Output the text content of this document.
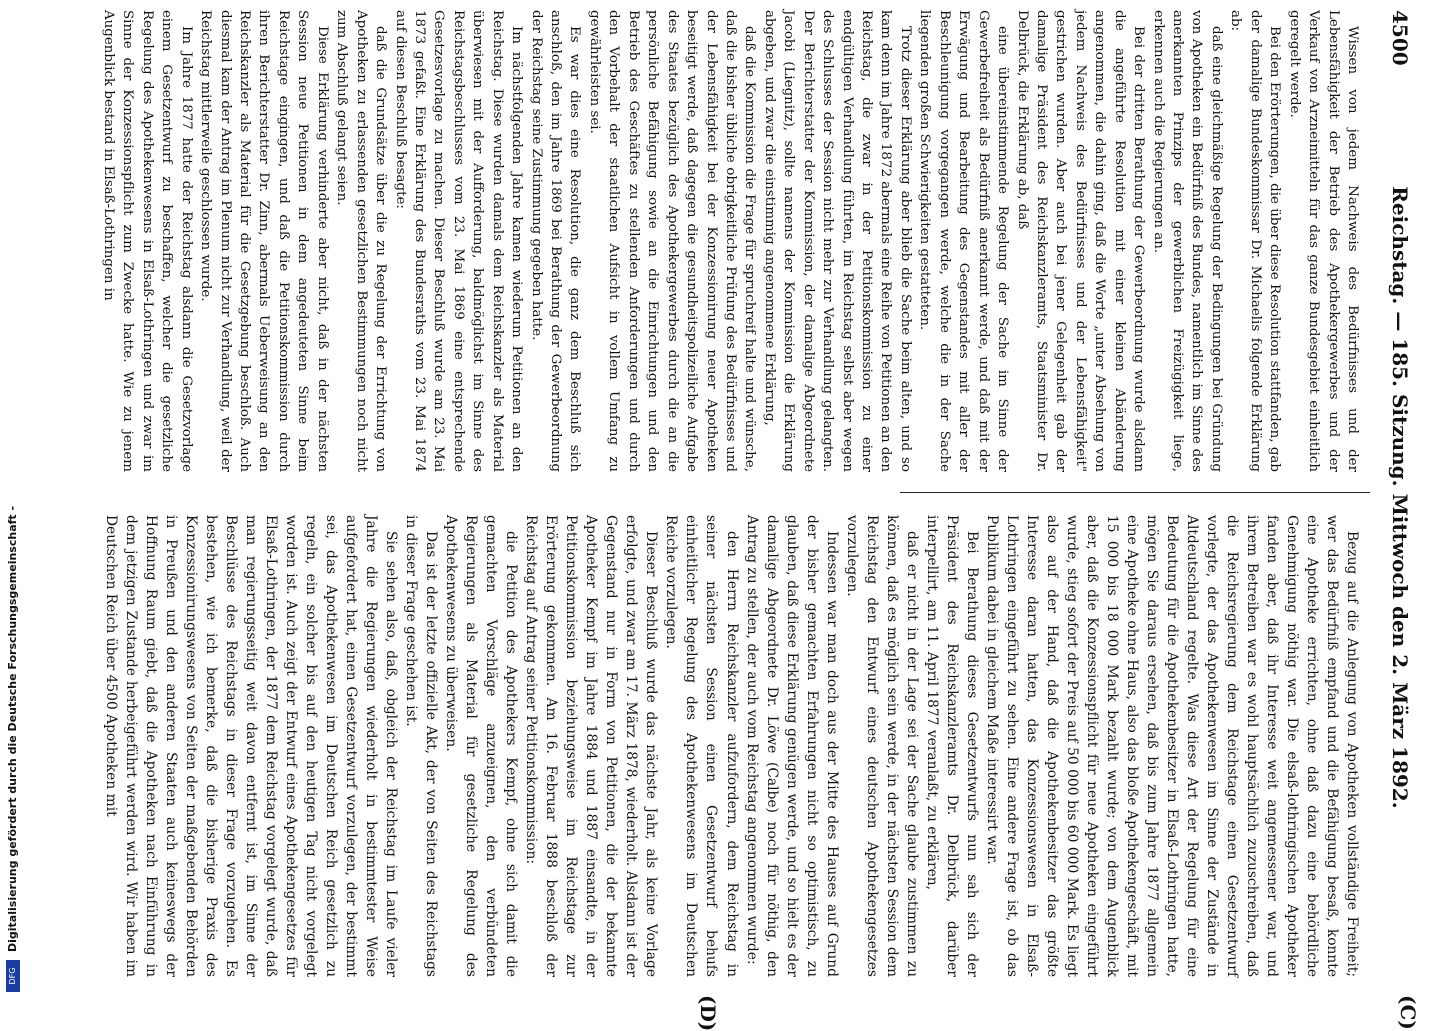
4500
Reichstag. — 185. Sitzung. Mittwoch den 2. März 1892.
(C)
(D)

Wissen von jedem Nachweis des Bedürfnisses und der Lebensfähigkeit der Betrieb des Apothekergewerbes und der Verkauf von Arzneimitteln für das ganze Bundesgebiet einheitlich geregelt werde.

Bei den Erörterungen, die über diese Resolution stattfanden, gab der damalige Bundeskommissar Dr. Michaelis folgende Erklärung ab:

daß eine gleichmäßige Regelung der Bedingungen bei Gründung von Apotheken ein Bedürfniß des Bundes, namentlich im Sinne des anerkannten Prinzips der gewerblichen Freizügigkeit liege, erkennen auch die Regierungen an.

Bei der dritten Berathung der Gewerbeordnung wurde alsdann die angeführte Resolution mit einer kleinen Abänderung angenommen, die dahin ging, daß die Worte „unter Absehung von jedem Nachweis des Bedürfnisses und der Lebensfähigkeit" gestrichen wurden. Aber auch bei jener Gelegenheit gab der damalige Präsident des Reichskanzleramts, Staatsminister Dr. Delbrück, die Erklärung ab, daß

eine übereinstimmende Regelung der Sache im Sinne der Gewerbefreiheit als Bedürfniß anerkannt werde, und daß mit der Erwägung und Bearbeitung des Gegenstandes mit aller der Beschleunigung vorgegangen werde, welche die in der Sache liegenden großen Schwierigkeiten gestatteten.

Trotz dieser Erklärung aber blieb die Sache beim alten, und so kam denn im Jahre 1872 abermals eine Reihe von Petitionen an den Reichstag, die zwar in der Petitionskommission zu einer endgültigen Verhandlung führten, im Reichstag selbst aber wegen des Schlusses der Session nicht mehr zur Verhandlung gelangten. Der Berichterstatter der Kommission, der damalige Abgeordnete Jacobi (Liegnitz), sollte namens der Kommission die Erklärung abgeben, und zwar die einstimmig angenommene Erklärung,

daß die Kommission die Frage für spruchreif halte und wünsche, daß die bisher übliche obrigkeitliche Prüfung des Bedürfnisses und der Lebensfähigkeit bei der Konzessionirung neuer Apotheken beseitigt werde, daß dagegen die gesundheitspolizeiliche Aufgabe des Staates bezüglich des Apothekergewerbes durch die an die persönliche Befähigung sowie an die Einrichtungen und den Betrieb des Geschäftes zu stellenden Anforderungen und durch den Vorbehalt der staatlichen Aufsicht in vollem Umfang zu gewährleisten sei.

Es war dies eine Resolution, die ganz dem Beschluß sich anschloß, den im Jahre 1869 bei Berathung der Gewerbeordnung der Reichstag seine Zustimmung gegeben hatte.

Im nächstfolgenden Jahre kamen wiederum Petitionen an den Reichstag. Diese wurden damals dem Reichskanzler als Material überwiesen mit der Aufforderung, baldmöglichst im Sinne des Reichstagsbeschlusses vom 23. Mai 1869 eine entsprechende Gesetzesvorlage zu machen. Dieser Beschluß wurde am 23. Mai 1873 gefaßt. Eine Erklärung des Bundesraths vom 23. Mai 1874 auf diesen Beschluß besagte:

daß die Grundsätze über die zu Regelung der Errichtung von Apotheken zu erlassenden gesetzlichen Bestimmungen noch nicht zum Abschluß gelangt seien.

Diese Erklärung verhinderte aber nicht, daß in der nächsten Session neue Petitionen in dem angedeuteten Sinne beim Reichstage eingingen, und daß die Petitionskommission durch ihren Berichterstatter Dr. Zinn, abermals Ueberweisung an den Reichskanzler als Material für die Gesetzgebung beschloß. Auch diesmal kam der Antrag im Plenum nicht zur Verhandlung, weil der Reichstag mittlerweile geschlossen wurde.

Im Jahre 1877 hatte der Reichstag alsdann die Gesetzvorlage einem Gesetzentwurf zu beschaffen, welcher die gesetzliche Regelung des Apothekenwesens in Elsaß-Lothringen und zwar im Sinne der Konzessionspflicht zum Zwecke hatte. Wie zu jenem Augenblick bestand in Elsaß-Lothringen in

Bezug auf die Anlegung von Apotheken vollständige Freiheit; wer das Bedürfniß empfand und die Befähigung besaß, konnte eine Apotheke errichten, ohne daß dazu eine behördliche Genehmigung nöthig war. Die elsaß-lothringischen Apotheker fanden aber, daß ihr Interesse weit angemessener war, und ihrem Betreiben war es wohl hauptsächlich zuzuschreiben, daß die Reichsregierung dem Reichstage einen Gesetzentwurf vorlegte, der das Apothekenwesen im Sinne der Zustände in Altdeutschland regelte. Was diese Art der Regelung für eine Bedeutung für die Apothekenbesitzer in Elsaß-Lothringen hatte, mögen Sie daraus ersehen, daß bis zum Jahre 1877 allgemein eine Apotheke ohne Haus, also das bloße Apothekengeschäft, mit 15 000 bis 18 000 Mark bezahlt wurde; von dem Augenblick aber, daß die Konzessionspflicht für neue Apotheken eingeführt wurde, stieg sofort der Preis auf 50 000 bis 60 000 Mark. Es liegt also auf der Hand, daß die Apothekenbesitzer das größte Interesse daran hatten, das Konzessionswesen in Elsaß-Lothringen eingeführt zu sehen. Eine andere Frage ist, ob das Publikum dabei in gleichem Maße interessirt war.

Bei Berathung dieses Gesetzentwurfs nun sah sich der Präsident des Reichskanzleramts Dr. Delbrück, darüber interpellirt, am 11. April 1877 veranlaßt, zu erklären,

daß er nicht in der Lage sei der Sache glaube zustimmen zu können, daß es möglich sein werde, in der nächsten Session dem Reichstag den Entwurf eines deutschen Apothekengesetzes vorzulegen.

Indessen war man doch aus der Mitte des Hauses auf Grund der bisher gemachten Erfahrungen nicht so optimistisch, zu glauben, daß diese Erklärung genügen werde, und so hielt es der damalige Abgeordnete Dr. Löwe (Calbe) noch für nöthig, den Antrag zu stellen, der auch vom Reichstag angenommen wurde:

den Herrn Reichskanzler aufzufordern, dem Reichstag in seiner nächsten Session einen Gesetzentwurf behufs einheitlicher Regelung des Apothekenwesens im Deutschen Reiche vorzulegen.

Dieser Beschluß wurde das nächste Jahr, als keine Vorlage erfolgte, und zwar am 17. März 1878, wiederholt. Alsdann ist der Gegenstand nur in Form von Petitionen, die der bekannte Apotheker Kempf im Jahre 1884 und 1887 einsandte, in der Petitionskommission beziehungsweise im Reichstage zur Erörterung gekommen. Am 16. Februar 1888 beschloß der Reichstag auf Antrag seiner Petitionskommission:

die Petition des Apothekers Kempf, ohne sich damit die gemachten Vorschläge anzueignen, den verbündeten Regierungen als Material für gesetzliche Regelung des Apothekenwesens zu überweisen.

Das ist der letzte offizielle Akt, der von Seiten des Reichstags in dieser Frage geschehen ist.

Sie sehen also, daß, obgleich der Reichstag im Laufe vieler Jahre die Regierungen wiederholt in bestimmtester Weise aufgefordert hat, einen Gesetzentwurf vorzulegen, der bestimmt sei, das Apothekenwesen im Deutschen Reich gesetzlich zu regeln, ein solcher bis auf den heutigen Tag nicht vorgelegt worden ist. Auch zeigt der Entwurf eines Apothekengesetzes für Elsaß-Lothringen, der 1877 dem Reichstag vorgelegt wurde, daß man regierungsseitig weit davon entfernt ist, im Sinne der Beschlüsse des Reichstags in dieser Frage vorzugehen. Es bestehen, wie ich bemerke, daß die bisherige Praxis des Konzessionirungswesens von Seiten der maßgebenden Behörden in Preußen und den anderen Staaten auch keineswegs der Hoffnung Raum giebt, daß die Apotheken nach Einführung in dem jetzigen Zustande herbeigeführt werden wird. Wir haben im Deutschen Reich über 4500 Apotheken mit

Digitalisierung gefördert durch die Deutsche Forschungsgemeinschaft -
DFG
